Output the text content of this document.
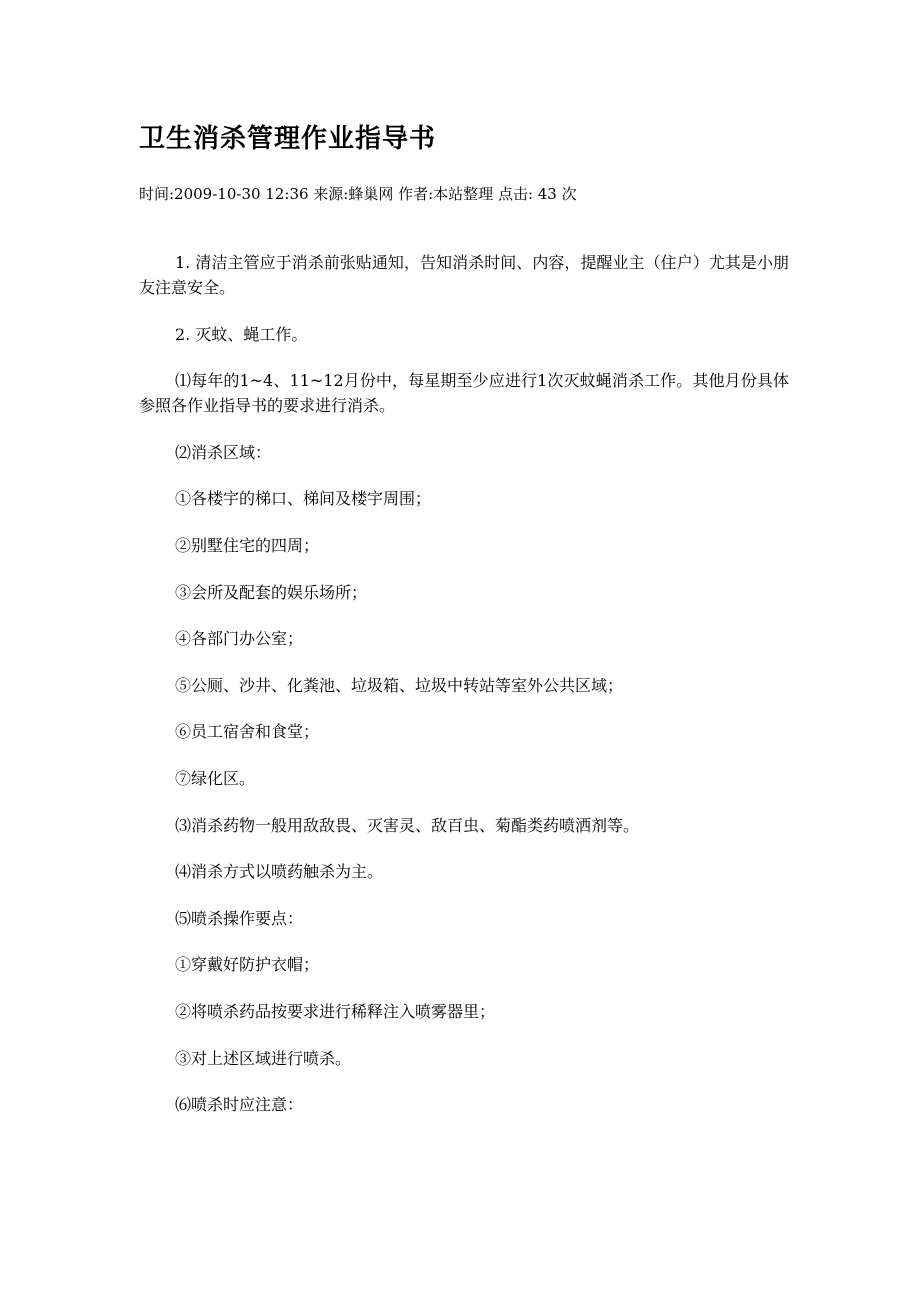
卫生消杀管理作业指导书
时间:2009-10-30 12:36 来源:蜂巢网 作者:本站整理 点击: 43 次

1. 清洁主管应于消杀前张贴通知，告知消杀时间、内容，提醒业主（住户）尤其是小朋友注意安全。

2. 灭蚊、蝇工作。

⑴每年的1~4、11~12月份中，每星期至少应进行1次灭蚊蝇消杀工作。其他月份具体参照各作业指导书的要求进行消杀。

⑵消杀区域：

①各楼宇的梯口、梯间及楼宇周围；

②别墅住宅的四周；

③会所及配套的娱乐场所；

④各部门办公室；

⑤公厕、沙井、化粪池、垃圾箱、垃圾中转站等室外公共区域；

⑥员工宿舍和食堂；

⑦绿化区。

⑶消杀药物一般用敌敌畏、灭害灵、敌百虫、菊酯类药喷洒剂等。

⑷消杀方式以喷药触杀为主。

⑸喷杀操作要点：

①穿戴好防护衣帽；

②将喷杀药品按要求进行稀释注入喷雾器里；

③对上述区域进行喷杀。

⑹喷杀时应注意：
